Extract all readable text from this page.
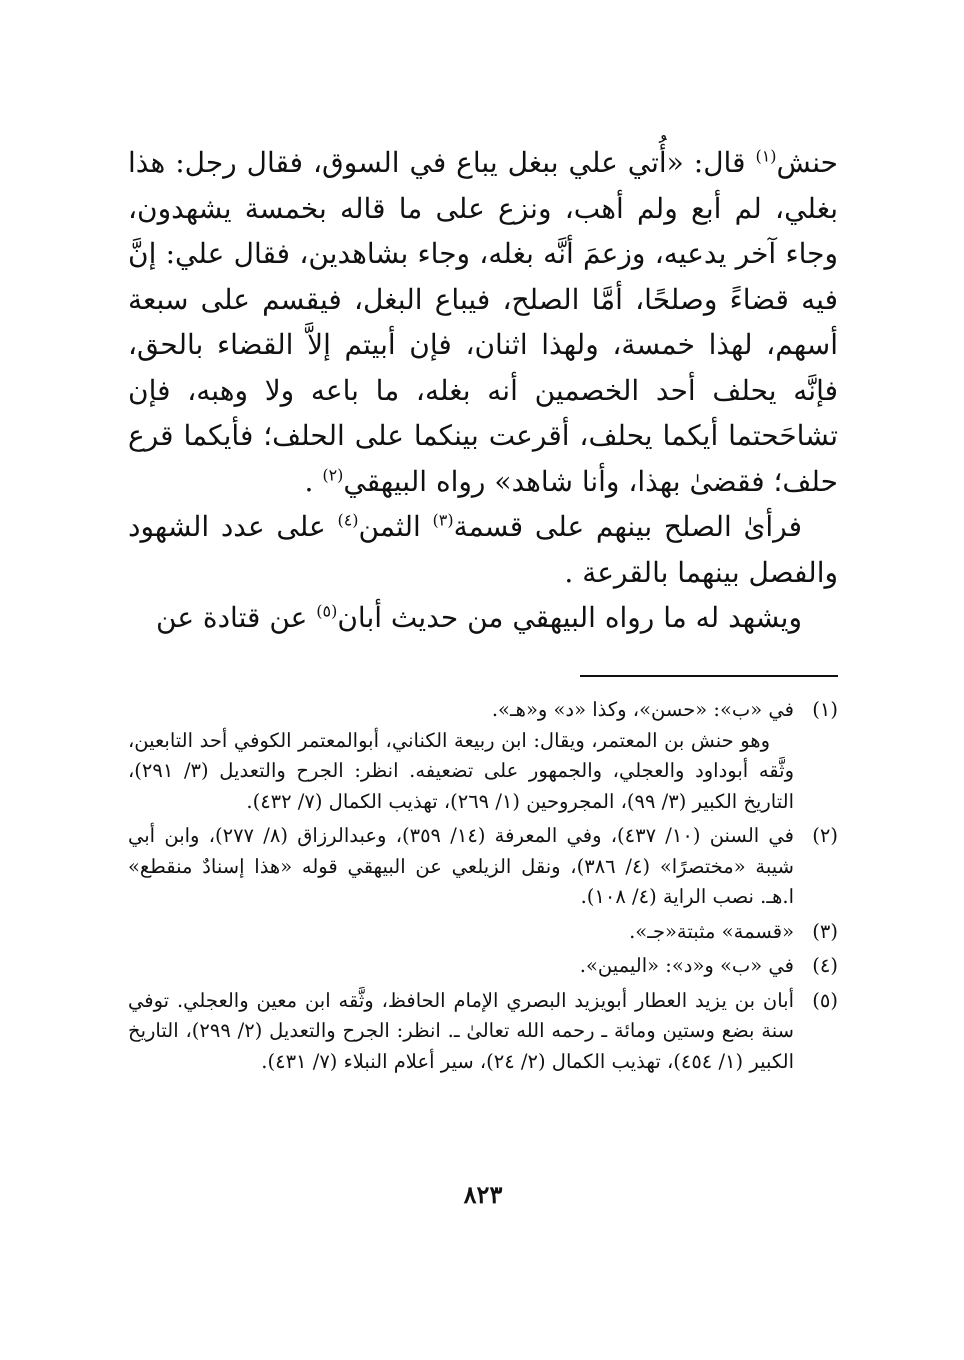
حنش$^{(١)}$ قال: «أُتي علي ببغل يباع في السوق، فقال رجل: هذا بغلي، لم أبع ولم أهب، ونزع على ما قاله بخمسة يشهدون، وجاء آخر يدعيه، وزعمَ أنَّه بغله، وجاء بشاهدين، فقال علي: إنَّ فيه قضاءً وصلحًا، أمَّا الصلح، فيباع البغل، فيقسم على سبعة أسهم، لهذا خمسة، ولهذا اثنان، فإن أبيتم إلاَّ القضاء بالحق، فإنَّه يحلف أحد الخصمين أنه بغله، ما باعه ولا وهبه، فإن تشاحَحتما أيكما يحلف، أقرعت بينكما على الحلف؛ فأيكما قرع حلف؛ فقضىٰ بهذا، وأنا شاهد» رواه البيهقي$^{(٢)}$ .

فرأىٰ الصلح بينهم على قسمة$^{(٣)}$ الثمن$^{(٤)}$ على عدد الشهود والفصل بينهما بالقرعة .

ويشهد له ما رواه البيهقي من حديث أبان$^{(٥)}$ عن قتادة عن

(١)
في «ب»: «حسن»، وكذا «د» و«هـ».
وهو حنش بن المعتمر، ويقال: ابن ربيعة الكناني، أبوالمعتمر الكوفي أحد التابعين، وثَّقه أبوداود والعجلي، والجمهور على تضعيفه. انظر: الجرح والتعديل (٣/ ٢٩١)، التاريخ الكبير (٣/ ٩٩)، المجروحين (١/ ٢٦٩)، تهذيب الكمال (٧/ ٤٣٢).
(٢)
في السنن (١٠/ ٤٣٧)، وفي المعرفة (١٤/ ٣٥٩)، وعبدالرزاق (٨/ ٢٧٧)، وابن أبي شيبة «مختصرًا» (٤/ ٣٨٦)، ونقل الزيلعي عن البيهقي قوله «هذا إسنادٌ منقطع» ا.هـ. نصب الراية (٤/ ١٠٨).
(٣)
«قسمة» مثبتة«جـ».
(٤)
في «ب» و«د»: «اليمين».
(٥)
أبان بن يزيد العطار أبويزيد البصري الإمام الحافظ، وثَّقه ابن معين والعجلي. توفي سنة بضع وستين ومائة ـ رحمه الله تعالىٰ ـ. انظر: الجرح والتعديل (٢/ ٢٩٩)، التاريخ الكبير (١/ ٤٥٤)، تهذيب الكمال (٢/ ٢٤)، سير أعلام النبلاء (٧/ ٤٣١).
٨٢٣
